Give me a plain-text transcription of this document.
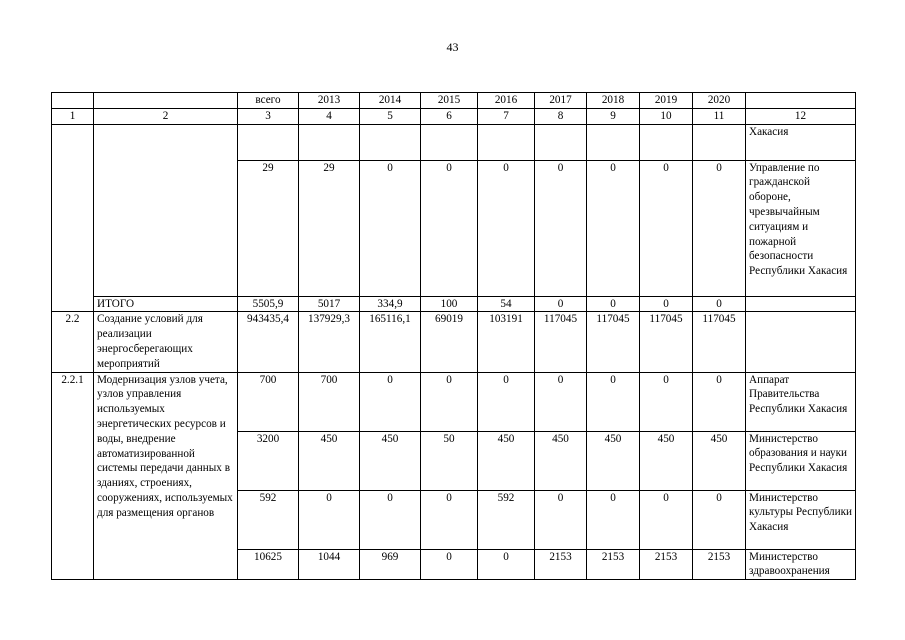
43
		всего	2013	2014	2015	2016	2017	2018	2019	2020	
1	2	3	4	5	6	7	8	9	10	11	12
											Хакасия
		29	29	0	0	0	0	0	0	0	Управление по гражданской обороне, чрезвычайным ситуациям и пожарной безопасности Республики Хакасия
	ИТОГО	5505,9	5017	334,9	100	54	0	0	0	0	
2.2	Создание условий для реализации энергосберегающих мероприятий	943435,4	137929,3	165116,1	69019	103191	117045	117045	117045	117045	
2.2.1	Модернизация узлов учета, узлов управления используемых энергетических ресурсов и воды, внедрение автоматизированной системы передачи данных в зданиях, строениях, сооружениях, используемых для размещения органов	700	700	0	0	0	0	0	0	0	Аппарат Правительства Республики Хакасия
		3200	450	450	50	450	450	450	450	450	Министерство образования и науки Республики Хакасия
		592	0	0	0	592	0	0	0	0	Министерство культуры Республики Хакасия
		10625	1044	969	0	0	2153	2153	2153	2153	Министерство здравоохранения
